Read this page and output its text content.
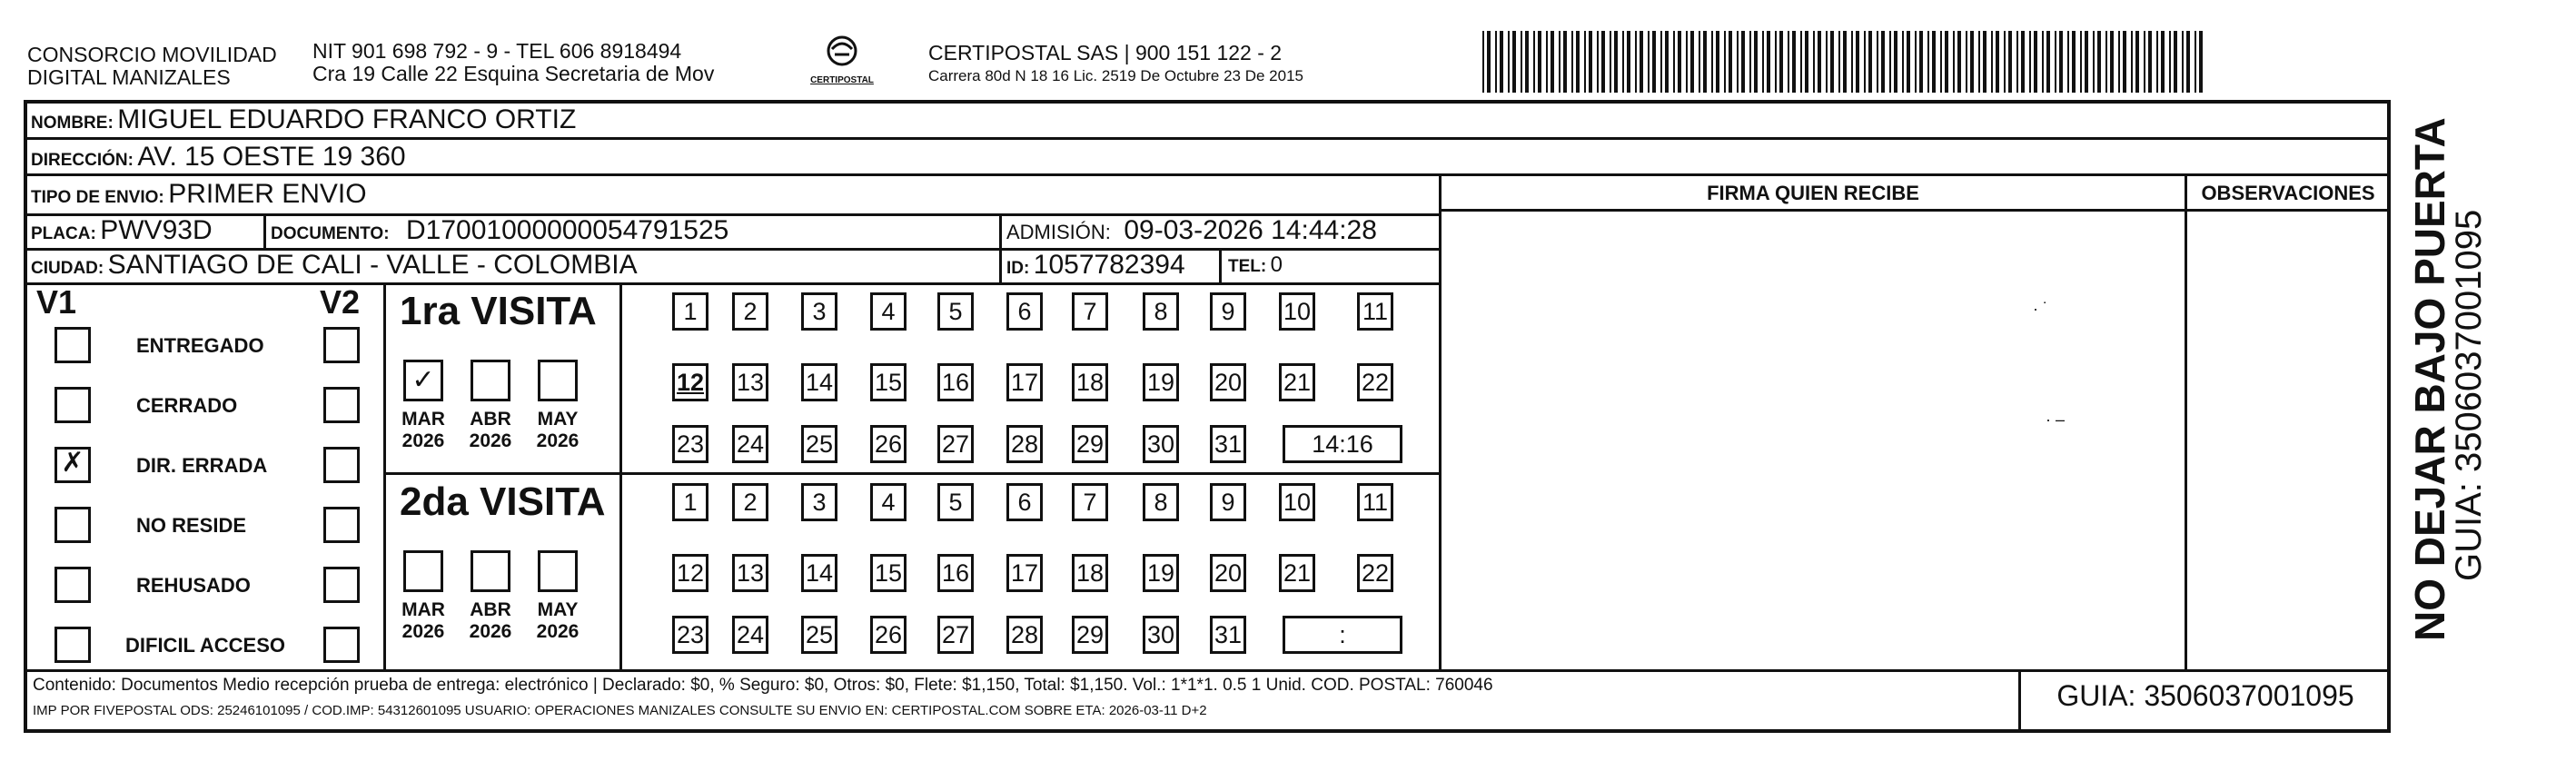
CONSORCIO MOVILIDAD
DIGITAL MANIZALES
NIT 901 698 792 - 9 - TEL 606 8918494
Cra 19 Calle 22 Esquina Secretaria de Mov	CERTIPOSTAL
CERTIPOSTAL SAS | 900 151 122 - 2
Carrera 80d N 18 16 Lic. 2519 De Octubre 23 De 2015
NOMBRE: MIGUEL EDUARDO FRANCO ORTIZ
DIRECCIÓN: AV. 15 OESTE 19 360
TIPO DE ENVIO: PRIMER ENVIO	FIRMA QUIEN RECIBE	OBSERVACIONES
PLACA: PWV93D	DOCUMENTO: D17001000000054791525	ADMISIÓN: 09-03-2026 14:44:28
CIUDAD: SANTIAGO DE CALI - VALLE - COLOMBIA	ID: 1057782394 TEL: 0
V1	V2
ENTREGADO
CERRADO
✗	DIR. ERRADA
NO RESIDE
REHUSADO
DIFICIL ACCESO
1ra VISITA
2da VISITA
✓
MAR
2026
ABR
2026
MAY
2026
1	2	3	4	5	6	7	8	9	10 11
12 13 14 15 16 17 18 19 20 21 22
23 24 25 26 27 28 29 30 31	14:16
MAR
2026
ABR
2026
MAY
2026
1	2	3	4	5	6	7	8	9	10 11
12 13 14 15 16 17 18 19 20 21 22
23 24 25 26 27 28 29 30 31	:
· ˙
· –
Contenido: Documentos Medio recepción prueba de entrega: electrónico | Declarado: $0, % Seguro: $0, Otros: $0, Flete: $1,150, Total: $1,150. Vol.: 1*1*1. 0.5 1 Unid. COD. POSTAL: 760046
IMP POR FIVEPOSTAL ODS: 25246101095 / COD.IMP: 54312601095 USUARIO: OPERACIONES MANIZALES CONSULTE SU ENVIO EN: CERTIPOSTAL.COM SOBRE ETA: 2026-03-11 D+2	GUIA: 3506037001095
NO DEJAR BAJO PUERTA
GUIA: 3506037001095
